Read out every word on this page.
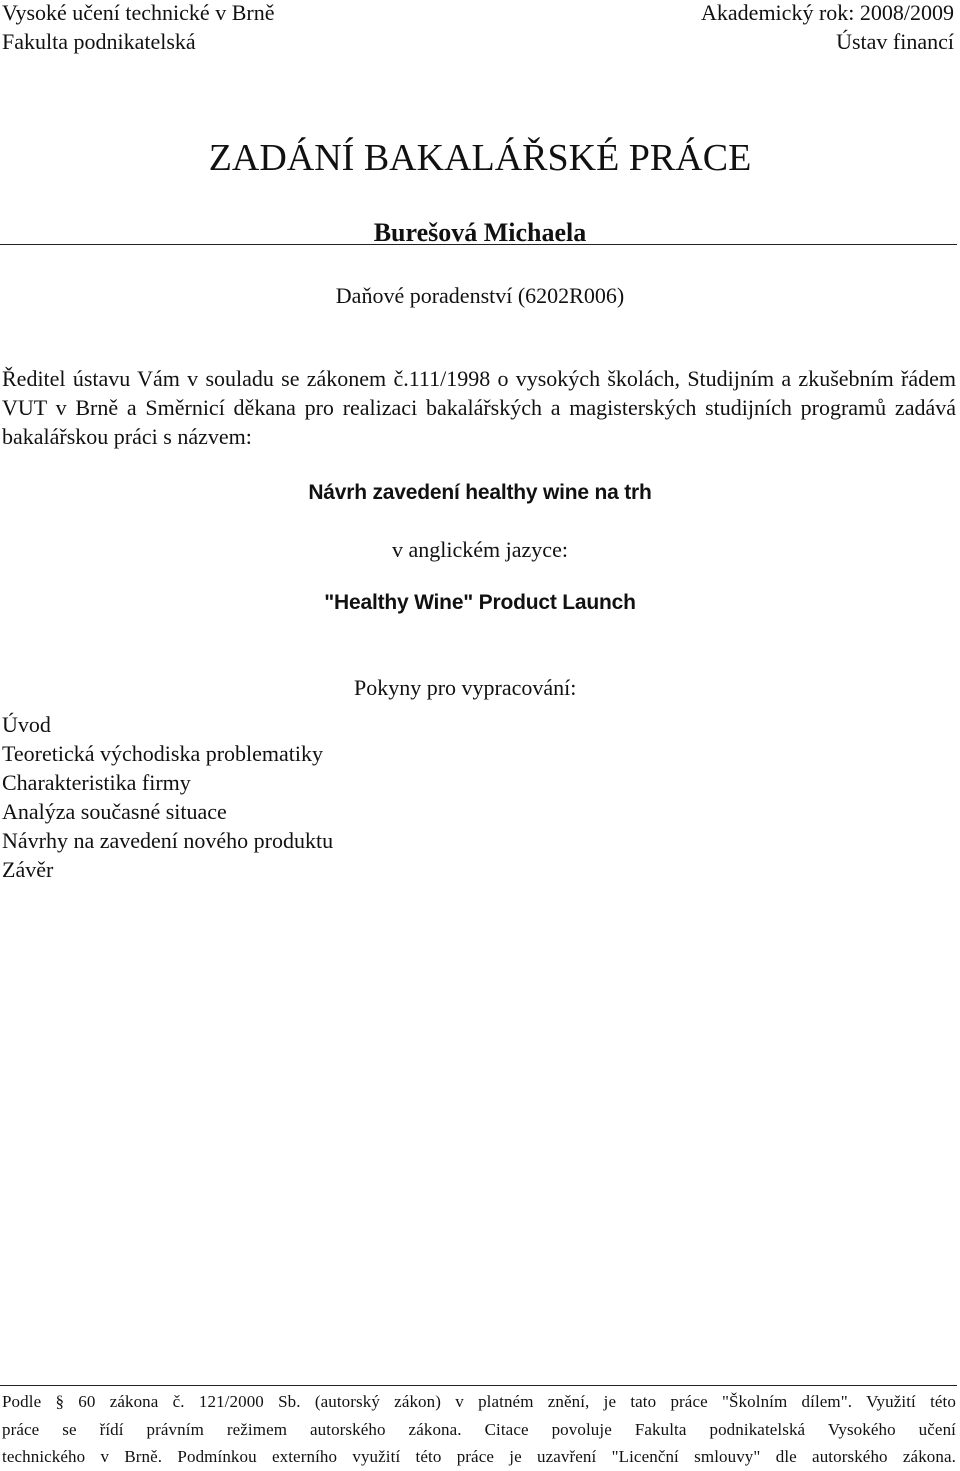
Vysoké učení technické v Brně
Fakulta podnikatelská
Akademický rok: 2008/2009
Ústav financí
ZADÁNÍ BAKALÁŘSKÉ PRÁCE
Burešová Michaela
Daňové poradenství (6202R006)
Ředitel ústavu Vám v souladu se zákonem č.111/1998 o vysokých školách, Studijním a zkušebním řádem VUT v Brně a Směrnicí děkana pro realizaci bakalářských a magisterských studijních programů zadává bakalářskou práci s názvem:
Návrh zavedení healthy wine na trh
v anglickém jazyce:
"Healthy Wine" Product Launch
Pokyny pro vypracování:
Úvod
Teoretická východiska problematiky
Charakteristika firmy
Analýza současné situace
Návrhy na zavedení nového produktu
Závěr
Podle § 60 zákona č. 121/2000 Sb. (autorský zákon) v platném znění, je tato práce "Školním dílem". Využití této
práce se řídí právním režimem autorského zákona. Citace povoluje Fakulta podnikatelská Vysokého učení
technického v Brně. Podmínkou externího využití této práce je uzavření "Licenční smlouvy" dle autorského zákona.
